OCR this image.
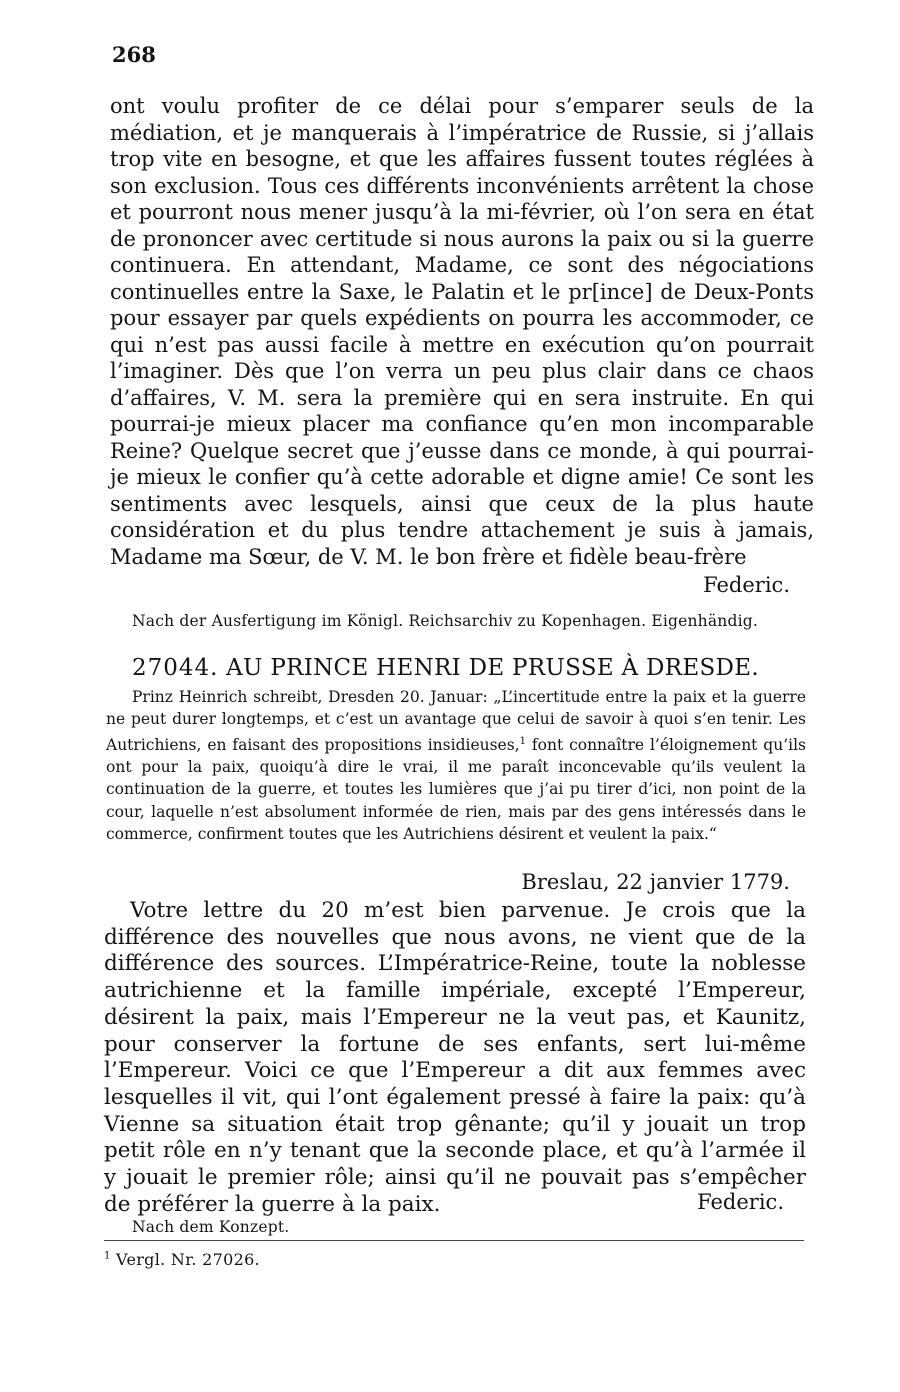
268

ont voulu profiter de ce délai pour s’emparer seuls de la médiation, et je manquerais à l’impératrice de Russie, si j’allais trop vite en besogne, et que les affaires fussent toutes réglées à son exclusion. Tous ces différents inconvénients arrêtent la chose et pourront nous mener jusqu’à la mi-février, où l’on sera en état de prononcer avec certitude si nous aurons la paix ou si la guerre continuera. En attendant, Madame, ce sont des négociations continuelles entre la Saxe, le Palatin et le pr[ince] de Deux-Ponts pour essayer par quels expédients on pourra les accommoder, ce qui n’est pas aussi facile à mettre en exécution qu’on pourrait l’imaginer. Dès que l’on verra un peu plus clair dans ce chaos d’affaires, V. M. sera la première qui en sera instruite. En qui pourrai-je mieux placer ma confiance qu’en mon incomparable Reine? Quelque secret que j’eusse dans ce monde, à qui pourrai-je mieux le confier qu’à cette adorable et digne amie! Ce sont les sentiments avec lesquels, ainsi que ceux de la plus haute considération et du plus tendre attachement je suis à jamais, Madame ma Sœur, de V. M. le bon frère et fidèle beau-frère

Federic.
Nach der Ausfertigung im Königl. Reichsarchiv zu Kopenhagen. Eigenhändig.
27044. AU PRINCE HENRI DE PRUSSE À DRESDE.

Prinz Heinrich schreibt, Dresden 20. Januar: „L’incertitude entre la paix et la guerre ne peut durer longtemps, et c’est un avantage que celui de savoir à quoi s’en tenir. Les Autrichiens, en faisant des propositions insidieuses,$^1$ font connaître l’éloignement qu’ils ont pour la paix, quoiqu’à dire le vrai, il me paraît inconcevable qu’ils veulent la continuation de la guerre, et toutes les lumières que j’ai pu tirer d’ici, non point de la cour, laquelle n’est absolument informée de rien, mais par des gens intéressés dans le commerce, confirment toutes que les Autrichiens désirent et veulent la paix.“

Breslau, 22 janvier 1779.

Votre lettre du 20 m’est bien parvenue. Je crois que la différence des nouvelles que nous avons, ne vient que de la différence des sources. L’Impératrice-Reine, toute la noblesse autrichienne et la famille impériale, excepté l’Empereur, désirent la paix, mais l’Empereur ne la veut pas, et Kaunitz, pour conserver la fortune de ses enfants, sert lui-même l’Empereur. Voici ce que l’Empereur a dit aux femmes avec lesquelles il vit, qui l’ont également pressé à faire la paix: qu’à Vienne sa situation était trop gênante; qu’il y jouait un trop petit rôle en n’y tenant que la seconde place, et qu’à l’armée il y jouait le premier rôle; ainsi qu’il ne pouvait pas s’empêcher de préférer la guerre à la paix.	Federic.
Nach dem Konzept.
$^1$ Vergl. Nr. 27026.
